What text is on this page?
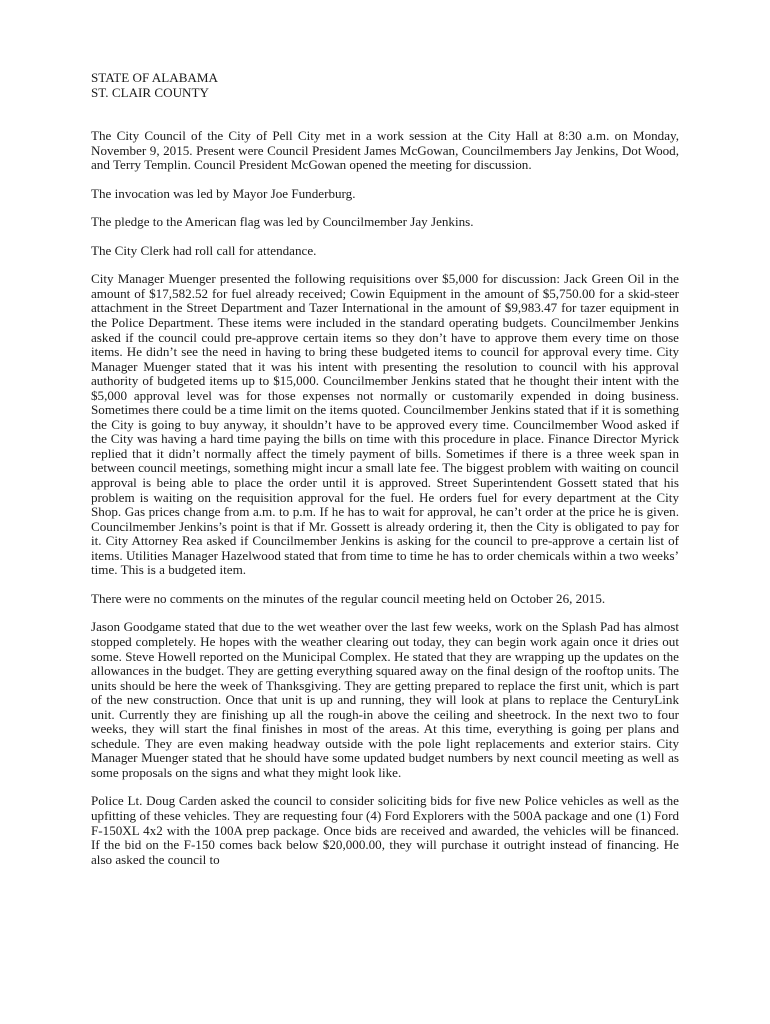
STATE OF ALABAMA
ST. CLAIR COUNTY

The City Council of the City of Pell City met in a work session at the City Hall at 8:30 a.m. on Monday, November 9, 2015. Present were Council President James McGowan, Councilmembers Jay Jenkins, Dot Wood, and Terry Templin. Council President McGowan opened the meeting for discussion.

The invocation was led by Mayor Joe Funderburg.

The pledge to the American flag was led by Councilmember Jay Jenkins.

The City Clerk had roll call for attendance.

City Manager Muenger presented the following requisitions over $5,000 for discussion: Jack Green Oil in the amount of $17,582.52 for fuel already received; Cowin Equipment in the amount of $5,750.00 for a skid-steer attachment in the Street Department and Tazer International in the amount of $9,983.47 for tazer equipment in the Police Department. These items were included in the standard operating budgets. Councilmember Jenkins asked if the council could pre-approve certain items so they don’t have to approve them every time on those items. He didn’t see the need in having to bring these budgeted items to council for approval every time. City Manager Muenger stated that it was his intent with presenting the resolution to council with his approval authority of budgeted items up to $15,000. Councilmember Jenkins stated that he thought their intent with the $5,000 approval level was for those expenses not normally or customarily expended in doing business. Sometimes there could be a time limit on the items quoted. Councilmember Jenkins stated that if it is something the City is going to buy anyway, it shouldn’t have to be approved every time. Councilmember Wood asked if the City was having a hard time paying the bills on time with this procedure in place. Finance Director Myrick replied that it didn’t normally affect the timely payment of bills. Sometimes if there is a three week span in between council meetings, something might incur a small late fee. The biggest problem with waiting on council approval is being able to place the order until it is approved. Street Superintendent Gossett stated that his problem is waiting on the requisition approval for the fuel. He orders fuel for every department at the City Shop. Gas prices change from a.m. to p.m. If he has to wait for approval, he can’t order at the price he is given. Councilmember Jenkins’s point is that if Mr. Gossett is already ordering it, then the City is obligated to pay for it. City Attorney Rea asked if Councilmember Jenkins is asking for the council to pre-approve a certain list of items. Utilities Manager Hazelwood stated that from time to time he has to order chemicals within a two weeks’ time. This is a budgeted item.

There were no comments on the minutes of the regular council meeting held on October 26, 2015.

Jason Goodgame stated that due to the wet weather over the last few weeks, work on the Splash Pad has almost stopped completely. He hopes with the weather clearing out today, they can begin work again once it dries out some. Steve Howell reported on the Municipal Complex. He stated that they are wrapping up the updates on the allowances in the budget. They are getting everything squared away on the final design of the rooftop units. The units should be here the week of Thanksgiving. They are getting prepared to replace the first unit, which is part of the new construction. Once that unit is up and running, they will look at plans to replace the CenturyLink unit. Currently they are finishing up all the rough-in above the ceiling and sheetrock. In the next two to four weeks, they will start the final finishes in most of the areas. At this time, everything is going per plans and schedule. They are even making headway outside with the pole light replacements and exterior stairs. City Manager Muenger stated that he should have some updated budget numbers by next council meeting as well as some proposals on the signs and what they might look like.

Police Lt. Doug Carden asked the council to consider soliciting bids for five new Police vehicles as well as the upfitting of these vehicles. They are requesting four (4) Ford Explorers with the 500A package and one (1) Ford F-150XL 4x2 with the 100A prep package. Once bids are received and awarded, the vehicles will be financed. If the bid on the F-150 comes back below $20,000.00, they will purchase it outright instead of financing. He also asked the council to
